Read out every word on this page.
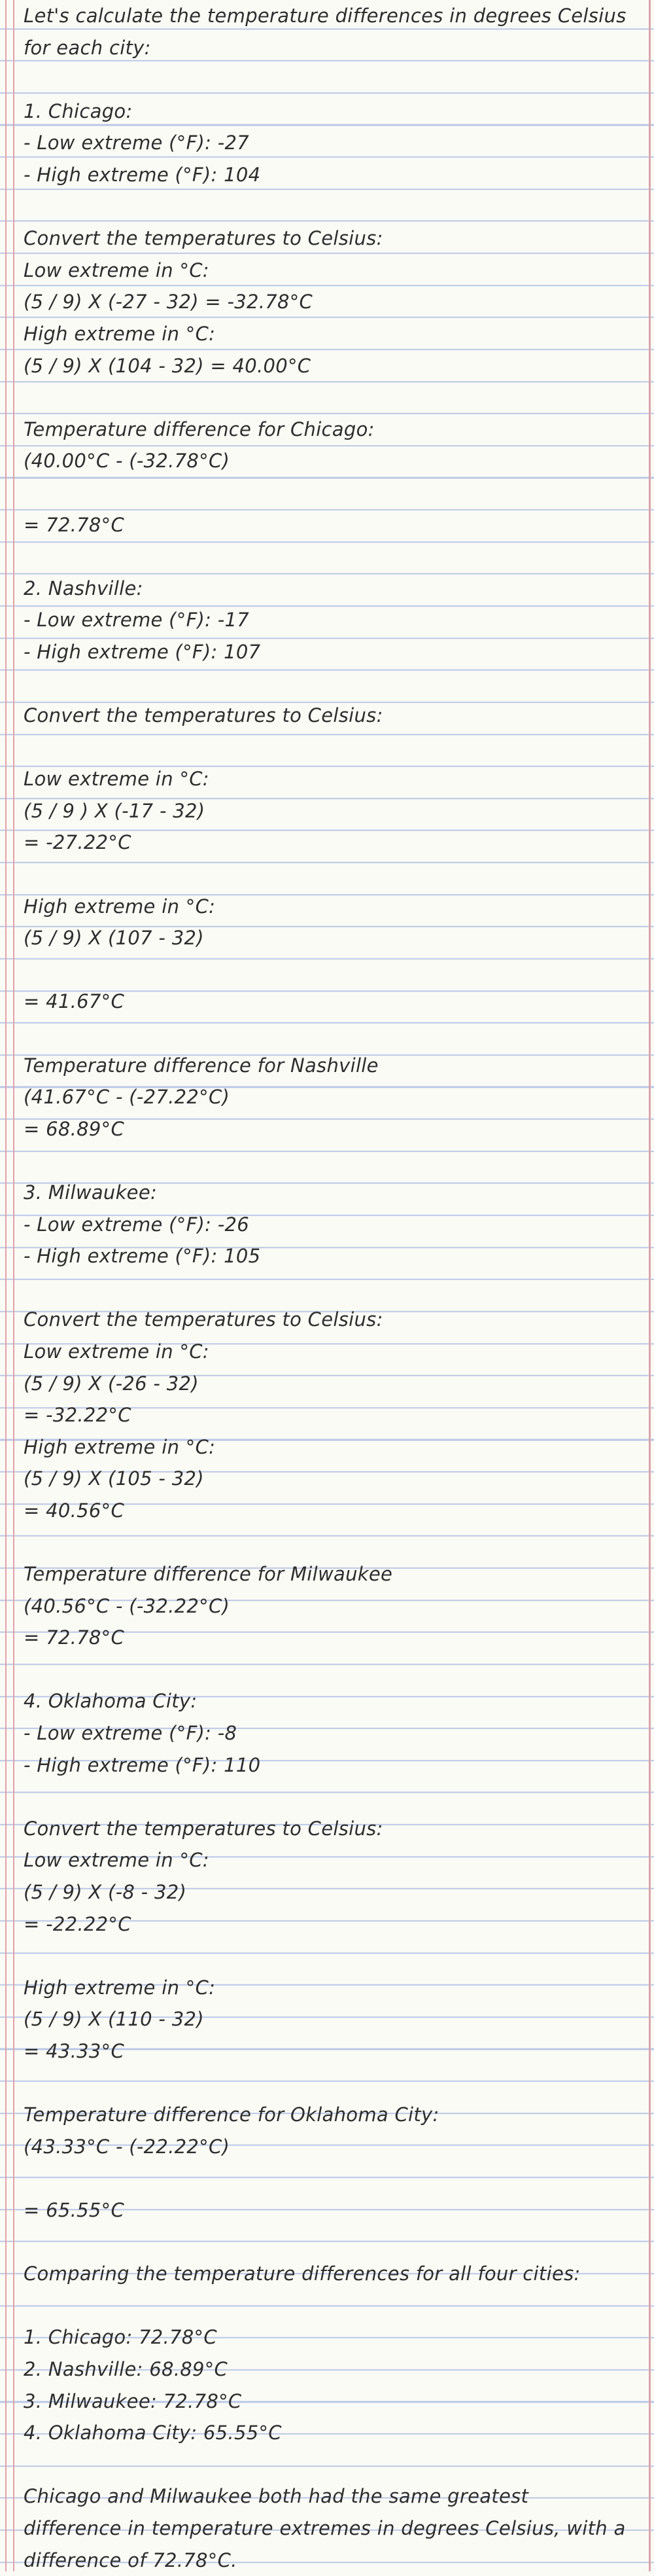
Let's calculate the temperature differences in degrees Celsius
for each city:
1. Chicago:
- Low extreme (°F): -27
- High extreme (°F): 104
Convert the temperatures to Celsius:
Low extreme in °C:
(5 / 9) X (-27 - 32) = -32.78°C
High extreme in °C:
(5 / 9) X (104 - 32) = 40.00°C
Temperature difference for Chicago:
(40.00°C - (-32.78°C)
= 72.78°C
2. Nashville:
- Low extreme (°F): -17
- High extreme (°F): 107
Convert the temperatures to Celsius:
Low extreme in °C:
(5 / 9 ) X (-17 - 32)
= -27.22°C
High extreme in °C:
(5 / 9) X (107 - 32)
= 41.67°C
Temperature difference for Nashville
(41.67°C - (-27.22°C)
= 68.89°C
3. Milwaukee:
- Low extreme (°F): -26
- High extreme (°F): 105
Convert the temperatures to Celsius:
Low extreme in °C:
(5 / 9) X (-26 - 32)
= -32.22°C
High extreme in °C:
(5 / 9) X (105 - 32)
= 40.56°C
Temperature difference for Milwaukee
(40.56°C - (-32.22°C)
= 72.78°C
4. Oklahoma City:
- Low extreme (°F): -8
- High extreme (°F): 110
Convert the temperatures to Celsius:
Low extreme in °C:
(5 / 9) X (-8 - 32)
= -22.22°C
High extreme in °C:
(5 / 9) X (110 - 32)
= 43.33°C
Temperature difference for Oklahoma City:
(43.33°C - (-22.22°C)
= 65.55°C
Comparing the temperature differences for all four cities:
1. Chicago: 72.78°C
2. Nashville: 68.89°C
3. Milwaukee: 72.78°C
4. Oklahoma City: 65.55°C
Chicago and Milwaukee both had the same greatest
difference in temperature extremes in degrees Celsius, with a
difference of 72.78°C.
